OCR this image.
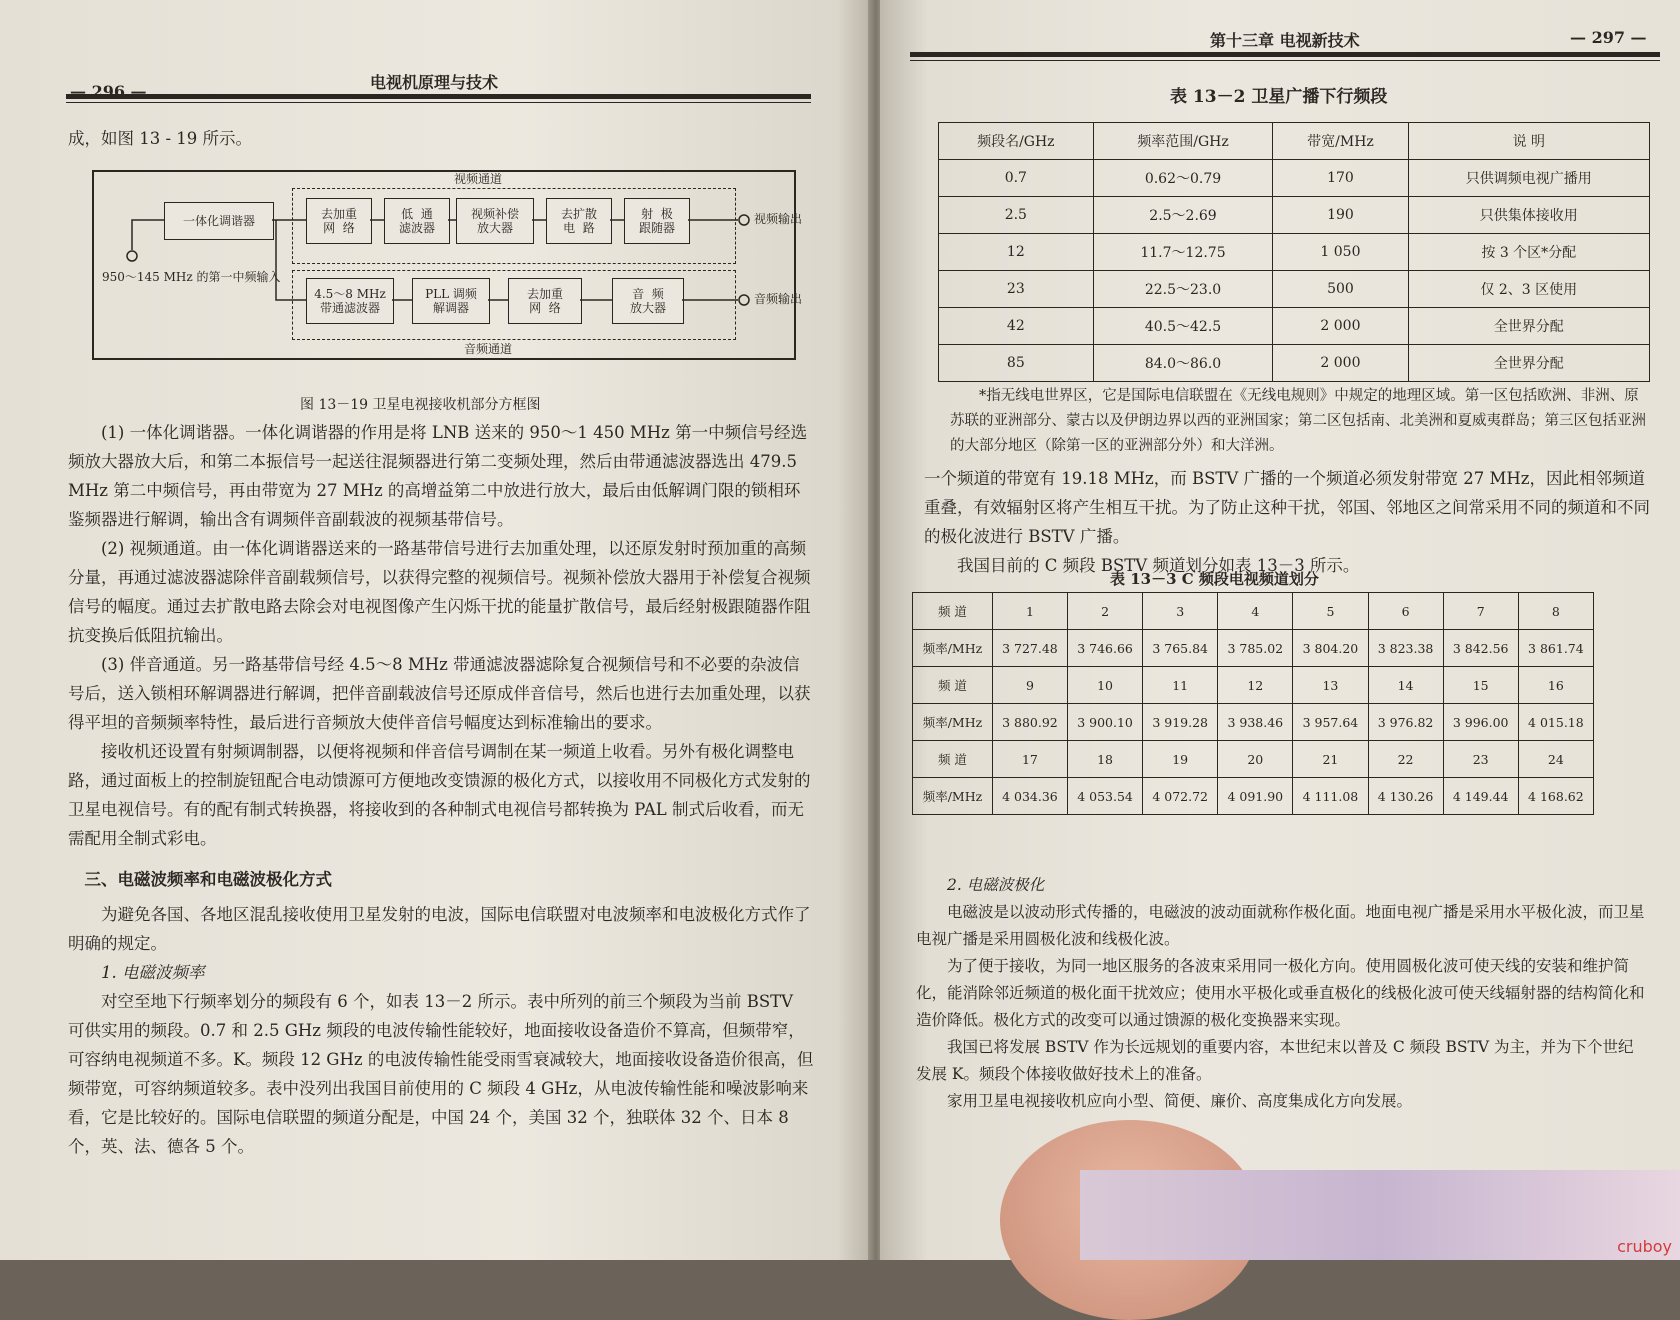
— 296 —	电视机原理与技术

成，如图 13 - 19 所示。

视频通道
音频通道
一体化调谐器	去加重
网  络
低  通
滤波器
视频补偿
放大器
去扩散
电  路
射  极
跟随器
4.5～8 MHz
带通滤波器
PLL 调频
解调器
去加重
网  络
音  频
放大器
视频输出
音频输出
950～145 MHz 的第一中频输入
图 13－19 卫星电视接收机部分方框图

(1) 一体化调谐器。一体化调谐器的作用是将 LNB 送来的 950～1 450 MHz 第一中频信号经选频放大器放大后，和第二本振信号一起送往混频器进行第二变频处理，然后由带通滤波器选出 479.5 MHz 第二中频信号，再由带宽为 27 MHz 的高增益第二中放进行放大，最后由低解调门限的锁相环鉴频器进行解调，输出含有调频伴音副载波的视频基带信号。

(2) 视频通道。由一体化调谐器送来的一路基带信号进行去加重处理，以还原发射时预加重的高频分量，再通过滤波器滤除伴音副载频信号，以获得完整的视频信号。视频补偿放大器用于补偿复合视频信号的幅度。通过去扩散电路去除会对电视图像产生闪烁干扰的能量扩散信号，最后经射极跟随器作阻抗变换后低阻抗输出。

(3) 伴音通道。另一路基带信号经 4.5～8 MHz 带通滤波器滤除复合视频信号和不必要的杂波信号后，送入锁相环解调器进行解调，把伴音副载波信号还原成伴音信号，然后也进行去加重处理，以获得平坦的音频频率特性，最后进行音频放大使伴音信号幅度达到标准输出的要求。

接收机还设置有射频调制器，以便将视频和伴音信号调制在某一频道上收看。另外有极化调整电路，通过面板上的控制旋钮配合电动馈源可方便地改变馈源的极化方式，以接收用不同极化方式发射的卫星电视信号。有的配有制式转换器，将接收到的各种制式电视信号都转换为 PAL 制式后收看，而无需配用全制式彩电。

三、电磁波频率和电磁波极化方式

为避免各国、各地区混乱接收使用卫星发射的电波，国际电信联盟对电波频率和电波极化方式作了明确的规定。

1. 电磁波频率

对空至地下行频率划分的频段有 6 个，如表 13－2 所示。表中所列的前三个频段为当前 BSTV 可供实用的频段。0.7 和 2.5 GHz 频段的电波传输性能较好，地面接收设备造价不算高，但频带窄，可容纳电视频道不多。K。频段 12 GHz 的电波传输性能受雨雪衰减较大，地面接收设备造价很高，但频带宽，可容纳频道较多。表中没列出我国目前使用的 C 频段 4 GHz，从电波传输性能和噪波影响来看，它是比较好的。国际电信联盟的频道分配是，中国 24 个，美国 32 个，独联体 32 个、日本 8 个，英、法、德各 5 个。

第十三章 电视新技术	— 297 —
表 13－2 卫星广播下行频段
频段名/GHz	频率范围/GHz	带宽/MHz	说 明
0.7	0.62～0.79	170	只供调频电视广播用
2.5	2.5～2.69	190	只供集体接收用
12	11.7～12.75	1 050	按 3 个区*分配
23	22.5～23.0	500	仅 2、3 区使用
42	40.5～42.5	2 000	全世界分配
85	84.0～86.0	2 000	全世界分配
*指无线电世界区，它是国际电信联盟在《无线电规则》中规定的地理区域。第一区包括欧洲、非洲、原苏联的亚洲部分、蒙古以及伊朗边界以西的亚洲国家；第二区包括南、北美洲和夏威夷群岛；第三区包括亚洲的大部分地区（除第一区的亚洲部分外）和大洋洲。

一个频道的带宽有 19.18 MHz，而 BSTV 广播的一个频道必须发射带宽 27 MHz，因此相邻频道重叠，有效辐射区将产生相互干扰。为了防止这种干扰，邻国、邻地区之间常采用不同的频道和不同的极化波进行 BSTV 广播。

我国目前的 C 频段 BSTV 频道划分如表 13－3 所示。

表 13－3 C 频段电视频道划分
频 道	1	2	3	4	5	6	7	8
频率/MHz	3 727.48	3 746.66	3 765.84	3 785.02	3 804.20	3 823.38	3 842.56	3 861.74
频 道	9	10	11	12	13	14	15	16
频率/MHz	3 880.92	3 900.10	3 919.28	3 938.46	3 957.64	3 976.82	3 996.00	4 015.18
频 道	17	18	19	20	21	22	23	24
频率/MHz	4 034.36	4 053.54	4 072.72	4 091.90	4 111.08	4 130.26	4 149.44	4 168.62

2. 电磁波极化

电磁波是以波动形式传播的，电磁波的波动面就称作极化面。地面电视广播是采用水平极化波，而卫星电视广播是采用圆极化波和线极化波。

为了便于接收，为同一地区服务的各波束采用同一极化方向。使用圆极化波可使天线的安装和维护简化，能消除邻近频道的极化面干扰效应；使用水平极化或垂直极化的线极化波可使天线辐射器的结构简化和造价降低。极化方式的改变可以通过馈源的极化变换器来实现。

我国已将发展 BSTV 作为长远规划的重要内容，本世纪末以普及 C 频段 BSTV 为主，并为下个世纪发展 K。频段个体接收做好技术上的准备。

家用卫星电视接收机应向小型、简便、廉价、高度集成化方向发展。

cruboy
